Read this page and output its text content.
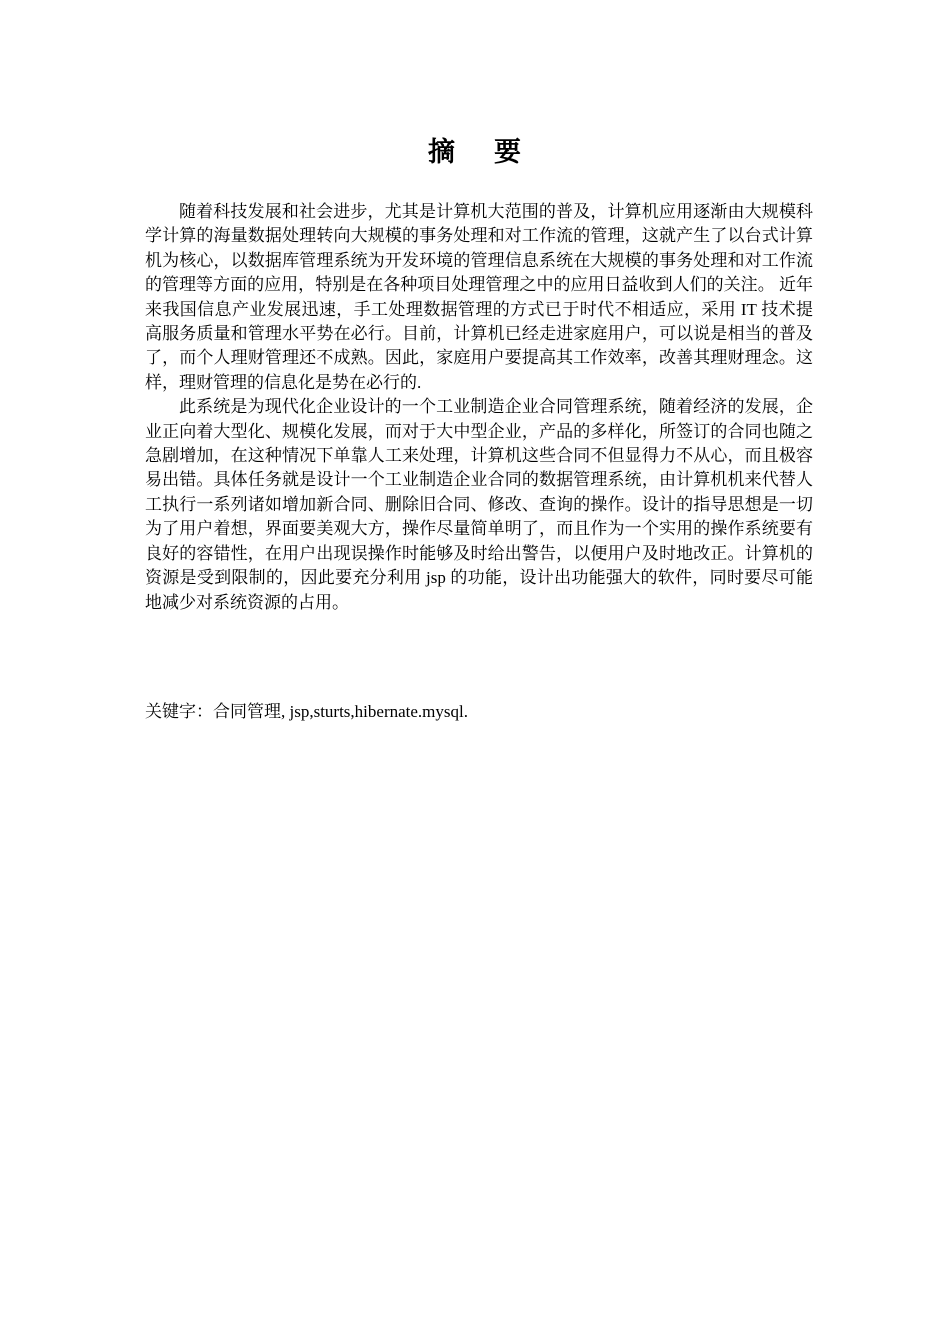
摘 要

随着科技发展和社会进步，尤其是计算机大范围的普及，计算机应用逐渐由大规模科学计算的海量数据处理转向大规模的事务处理和对工作流的管理，这就产生了以台式计算机为核心，以数据库管理系统为开发环境的管理信息系统在大规模的事务处理和对工作流的管理等方面的应用，特别是在各种项目处理管理之中的应用日益收到人们的关注。 近年来我国信息产业发展迅速，手工处理数据管理的方式已于时代不相适应，采用 IT 技术提高服务质量和管理水平势在必行。目前，计算机已经走进家庭用户，可以说是相当的普及了，而个人理财管理还不成熟。因此，家庭用户要提高其工作效率，改善其理财理念。这样，理财管理的信息化是势在必行的.

此系统是为现代化企业设计的一个工业制造企业合同管理系统，随着经济的发展，企业正向着大型化、规模化发展，而对于大中型企业，产品的多样化，所签订的合同也随之急剧增加，在这种情况下单靠人工来处理，计算机这些合同不但显得力不从心，而且极容易出错。具体任务就是设计一个工业制造企业合同的数据管理系统，由计算机机来代替人工执行一系列诸如增加新合同、删除旧合同、修改、查询的操作。设计的指导思想是一切为了用户着想，界面要美观大方，操作尽量简单明了，而且作为一个实用的操作系统要有良好的容错性，在用户出现误操作时能够及时给出警告，以便用户及时地改正。计算机的资源是受到限制的，因此要充分利用 jsp 的功能，设计出功能强大的软件，同时要尽可能地减少对系统资源的占用。

关键字：合同管理, jsp,sturts,hibernate.mysql.
